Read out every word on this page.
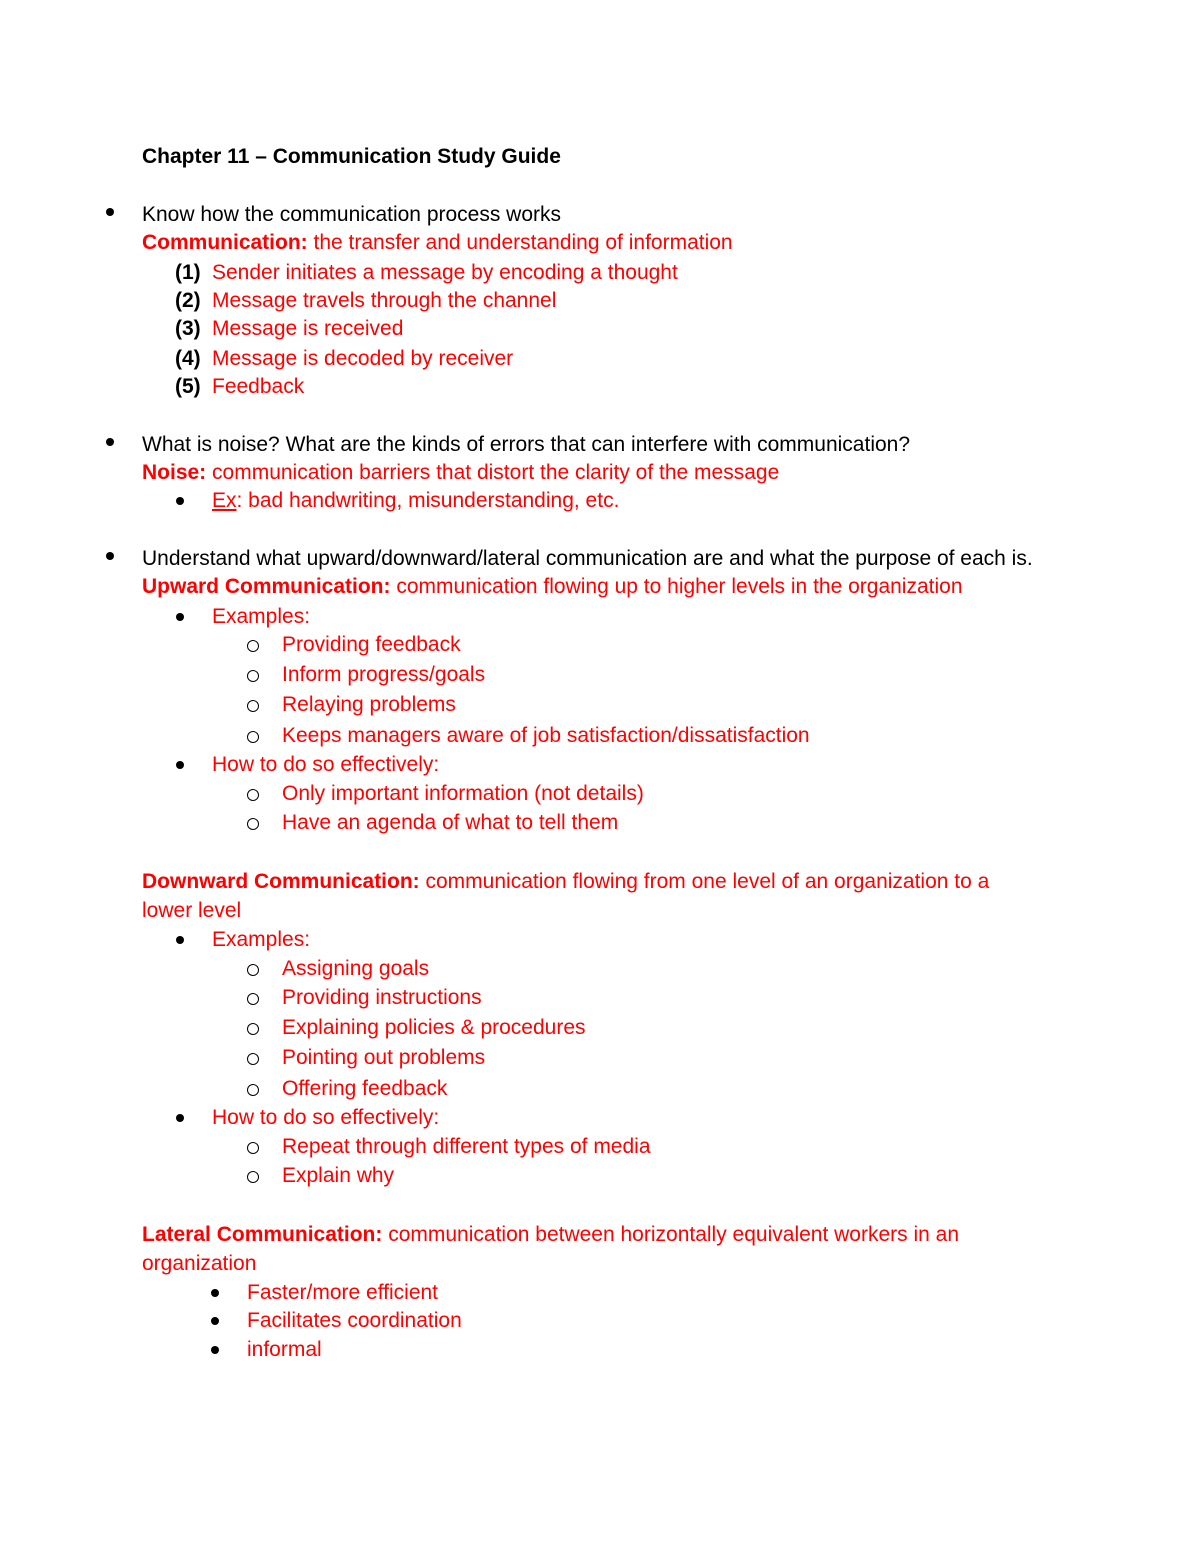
Chapter 11 – Communication Study Guide
Know how the communication process works
Communication: the transfer and understanding of information
(1) Sender initiates a message by encoding a thought
(2) Message travels through the channel
(3) Message is received
(4) Message is decoded by receiver
(5) Feedback
What is noise? What are the kinds of errors that can interfere with communication?
Noise: communication barriers that distort the clarity of the message
Ex: bad handwriting, misunderstanding, etc.
Understand what upward/downward/lateral communication are and what the purpose of each is.
Upward Communication: communication flowing up to higher levels in the organization
Examples:
Providing feedback
Inform progress/goals
Relaying problems
Keeps managers aware of job satisfaction/dissatisfaction
How to do so effectively:
Only important information (not details)
Have an agenda of what to tell them
Downward Communication: communication flowing from one level of an organization to a
lower level
Examples:
Assigning goals
Providing instructions
Explaining policies & procedures
Pointing out problems
Offering feedback
How to do so effectively:
Repeat through different types of media
Explain why
Lateral Communication: communication between horizontally equivalent workers in an
organization
Faster/more efficient
Facilitates coordination
informal
